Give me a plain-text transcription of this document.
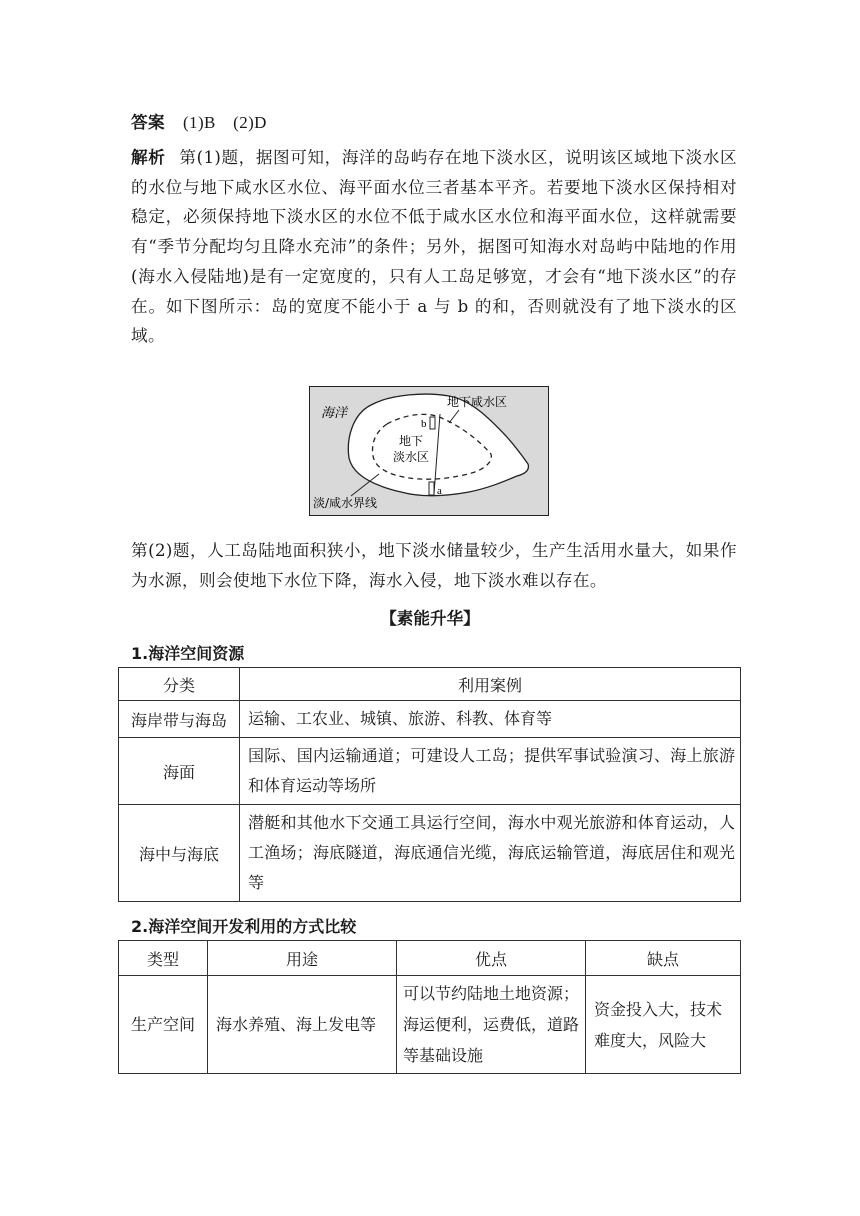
答案 (1)B　(2)D
解析 第(1)题，据图可知，海洋的岛屿存在地下淡水区，说明该区域地下淡水区的水位与地下咸水区水位、海平面水位三者基本平齐。若要地下淡水区保持相对稳定，必须保持地下淡水区的水位不低于咸水区水位和海平面水位，这样就需要有“季节分配均匀且降水充沛”的条件；另外，据图可知海水对岛屿中陆地的作用(海水入侵陆地)是有一定宽度的，只有人工岛足够宽，才会有“地下淡水区”的存在。如下图所示：岛的宽度不能小于 a 与 b 的和，否则就没有了地下淡水的区域。
b
a
海洋
地下咸水区
地下
淡水区
淡/咸水界线
第(2)题，人工岛陆地面积狭小，地下淡水储量较少，生产生活用水量大，如果作为水源，则会使地下水位下降，海水入侵，地下淡水难以存在。
【素能升华】
1.海洋空间资源
分类	利用案例
海岸带与海岛	运输、工农业、城镇、旅游、科教、体育等
海面	国际、国内运输通道；可建设人工岛；提供军事试验演习、海上旅游和体育运动等场所
海中与海底	潜艇和其他水下交通工具运行空间，海水中观光旅游和体育运动，人工渔场；海底隧道，海底通信光缆，海底运输管道，海底居住和观光等
2.海洋空间开发利用的方式比较
类型	用途	优点	缺点
生产空间	海水养殖、海上发电等	可以节约陆地土地资源；海运便利，运费低，道路等基础设施	资金投入大，技术难度大，风险大
